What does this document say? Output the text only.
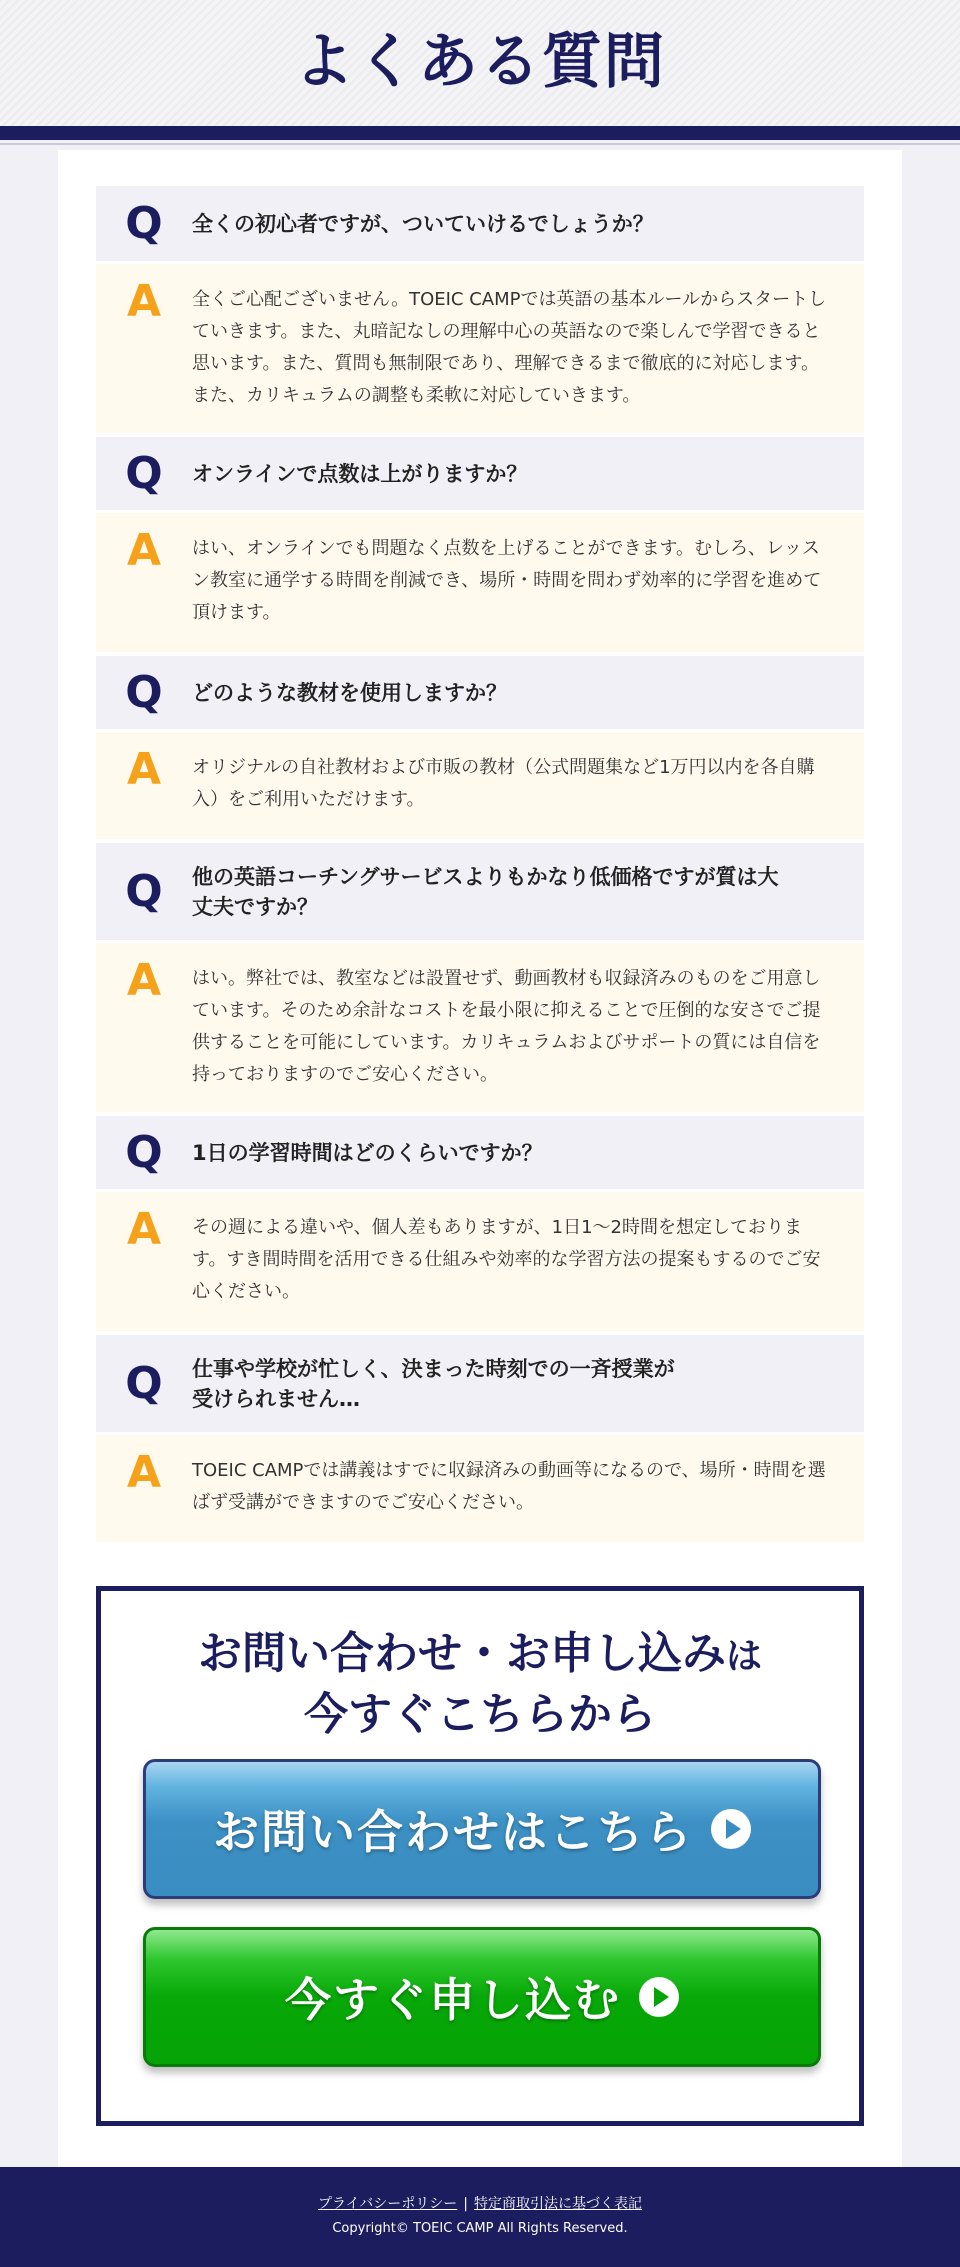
よくある質問
Q	全くの初心者ですが、ついていけるでしょうか？
A	全くご心配ございません。TOEIC CAMPでは英語の基本ルールからスタートしていきます。また、丸暗記なしの理解中心の英語なので楽しんで学習できると思います。また、質問も無制限であり、理解できるまで徹底的に対応します。また、カリキュラムの調整も柔軟に対応していきます。
Q	オンラインで点数は上がりますか？
A	はい、オンラインでも問題なく点数を上げることができます。むしろ、レッスン教室に通学する時間を削減でき、場所・時間を問わず効率的に学習を進めて頂けます。
Q	どのような教材を使用しますか？
A	オリジナルの自社教材および市販の教材（公式問題集など1万円以内を各自購入）をご利用いただけます。
Q	他の英語コーチングサービスよりもかなり低価格ですが質は大丈夫ですか？
A	はい。弊社では、教室などは設置せず、動画教材も収録済みのものをご用意しています。そのため余計なコストを最小限に抑えることで圧倒的な安さでご提供することを可能にしています。カリキュラムおよびサポートの質には自信を持っておりますのでご安心ください。
Q	1日の学習時間はどのくらいですか？
A	その週による違いや、個人差もありますが、1日1〜2時間を想定しております。すき間時間を活用できる仕組みや効率的な学習方法の提案もするのでご安心ください。
Q	仕事や学校が忙しく、決まった時刻での一斉授業が受けられません…
A	TOEIC CAMPでは講義はすでに収録済みの動画等になるので、場所・時間を選ばず受講ができますのでご安心ください。
お問い合わせ・お申し込みは
今すぐこちらから
お問い合わせはこちら
今すぐ申し込む
プライバシーポリシー | 特定商取引法に基づく表記
Copyright© TOEIC CAMP All Rights Reserved.
